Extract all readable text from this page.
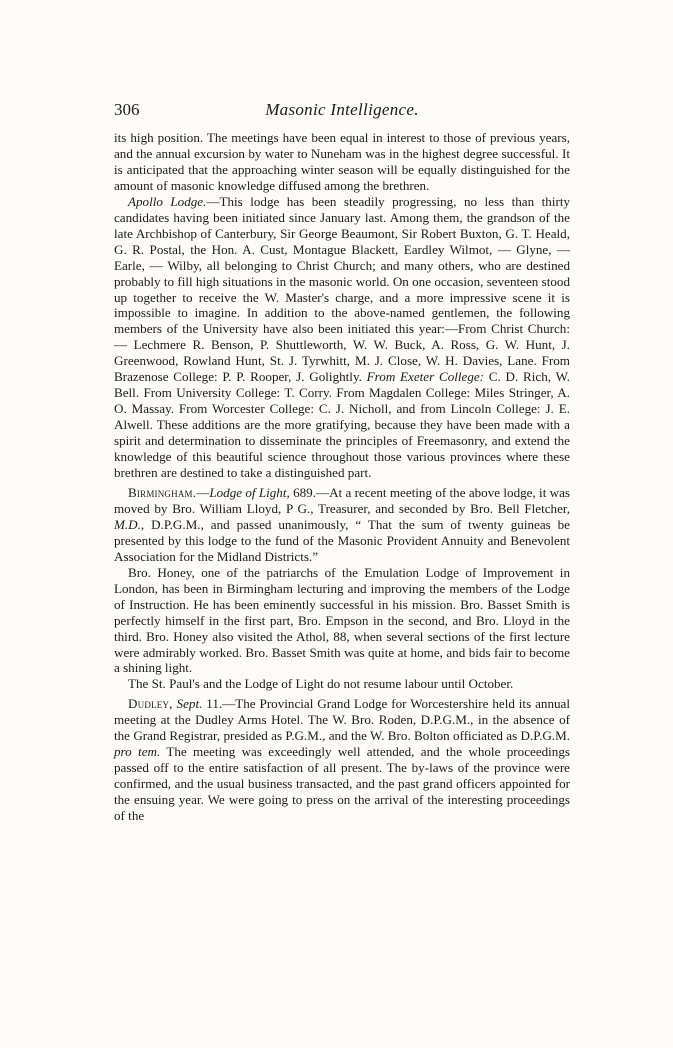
306	Masonic Intelligence.

its high position. The meetings have been equal in interest to those of previous years, and the annual excursion by water to Nuneham was in the highest degree successful. It is anticipated that the approaching winter season will be equally distinguished for the amount of masonic knowledge diffused among the brethren.

Apollo Lodge.—This lodge has been steadily progressing, no less than thirty candidates having been initiated since January last. Among them, the grandson of the late Archbishop of Canterbury, Sir George Beaumont, Sir Robert Buxton, G. T. Heald, G. R. Postal, the Hon. A. Cust, Montague Blackett, Eardley Wilmot, — Glyne, — Earle, — Wilby, all belonging to Christ Church; and many others, who are destined probably to fill high situations in the masonic world. On one occasion, seventeen stood up together to receive the W. Master's charge, and a more impressive scene it is impossible to imagine. In addition to the above-named gentlemen, the following members of the University have also been initiated this year:—From Christ Church: — Lechmere R. Benson, P. Shuttleworth, W. W. Buck, A. Ross, G. W. Hunt, J. Greenwood, Rowland Hunt, St. J. Tyrwhitt, M. J. Close, W. H. Davies, Lane. From Brazenose College: P. P. Rooper, J. Golightly. From Exeter College: C. D. Rich, W. Bell. From University College: T. Corry. From Magdalen College: Miles Stringer, A. O. Massay. From Worcester College: C. J. Nicholl, and from Lincoln College: J. E. Alwell. These additions are the more gratifying, because they have been made with a spirit and determination to disseminate the principles of Freemasonry, and extend the knowledge of this beautiful science throughout those various provinces where these brethren are destined to take a distinguished part.

Birmingham.—Lodge of Light, 689.—At a recent meeting of the above lodge, it was moved by Bro. William Lloyd, P G., Treasurer, and seconded by Bro. Bell Fletcher, M.D., D.P.G.M., and passed unanimously, “ That the sum of twenty guineas be presented by this lodge to the fund of the Masonic Provident Annuity and Benevolent Association for the Midland Districts.”

Bro. Honey, one of the patriarchs of the Emulation Lodge of Improvement in London, has been in Birmingham lecturing and improving the members of the Lodge of Instruction. He has been eminently successful in his mission. Bro. Basset Smith is perfectly himself in the first part, Bro. Empson in the second, and Bro. Lloyd in the third. Bro. Honey also visited the Athol, 88, when several sections of the first lecture were admirably worked. Bro. Basset Smith was quite at home, and bids fair to become a shining light.

The St. Paul's and the Lodge of Light do not resume labour until October.

Dudley, Sept. 11.—The Provincial Grand Lodge for Worcestershire held its annual meeting at the Dudley Arms Hotel. The W. Bro. Roden, D.P.G.M., in the absence of the Grand Registrar, presided as P.G.M., and the W. Bro. Bolton officiated as D.P.G.M. pro tem. The meeting was exceedingly well attended, and the whole proceedings passed off to the entire satisfaction of all present. The by-laws of the province were confirmed, and the usual business transacted, and the past grand officers appointed for the ensuing year. We were going to press on the arrival of the interesting proceedings of the
